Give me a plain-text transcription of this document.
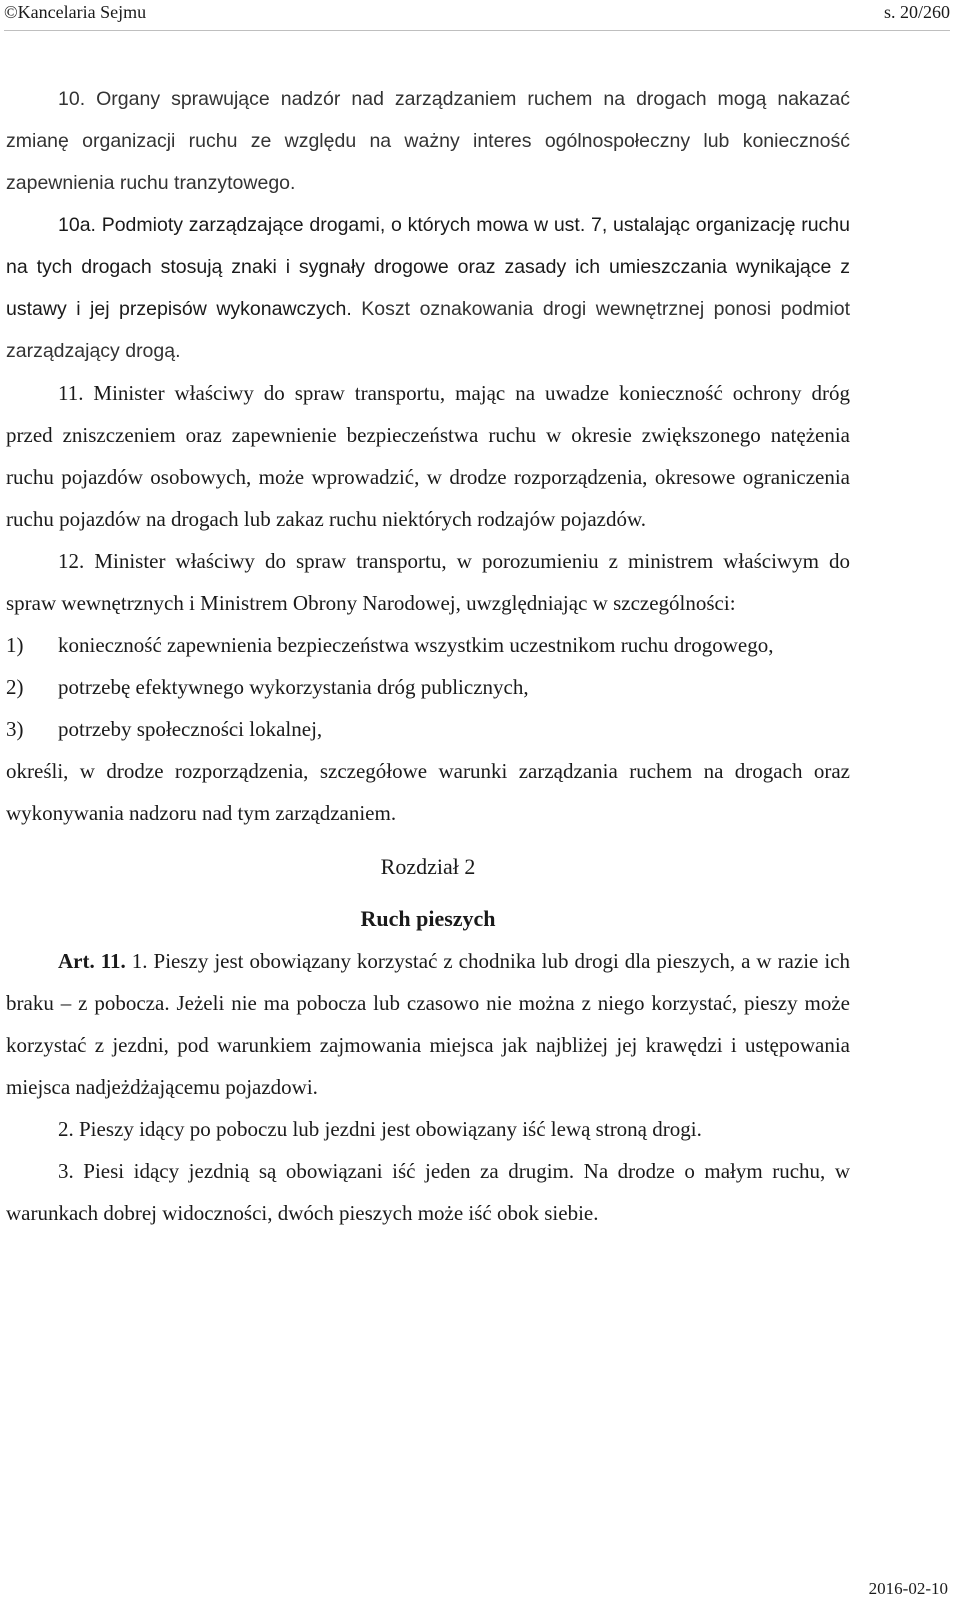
©Kancelaria Sejmu	s. 20/260

10. Organy sprawujące nadzór nad zarządzaniem ruchem na drogach mogą nakazać zmianę organizacji ruchu ze względu na ważny interes ogólnospołeczny lub konieczność zapewnienia ruchu tranzytowego.

10a. Podmioty zarządzające drogami, o których mowa w ust. 7, ustalając organizację ruchu na tych drogach stosują znaki i sygnały drogowe oraz zasady ich umieszczania wynikające z ustawy i jej przepisów wykonawczych. Koszt oznakowania drogi wewnętrznej ponosi podmiot zarządzający drogą.

11. Minister właściwy do spraw transportu, mając na uwadze konieczność ochrony dróg przed zniszczeniem oraz zapewnienie bezpieczeństwa ruchu w okresie zwiększonego natężenia ruchu pojazdów osobowych, może wprowadzić, w drodze rozporządzenia, okresowe ograniczenia ruchu pojazdów na drogach lub zakaz ruchu niektórych rodzajów pojazdów.

12. Minister właściwy do spraw transportu, w porozumieniu z ministrem właściwym do spraw wewnętrznych i Ministrem Obrony Narodowej, uwzględniając w szczególności:

1)	konieczność zapewnienia bezpieczeństwa wszystkim uczestnikom ruchu drogowego,
2)	potrzebę efektywnego wykorzystania dróg publicznych,
3)	potrzeby społeczności lokalnej,

określi, w drodze rozporządzenia, szczegółowe warunki zarządzania ruchem na drogach oraz wykonywania nadzoru nad tym zarządzaniem.

Rozdział 2
Ruch pieszych

Art. 11. 1. Pieszy jest obowiązany korzystać z chodnika lub drogi dla pieszych, a w razie ich braku – z pobocza. Jeżeli nie ma pobocza lub czasowo nie można z niego korzystać, pieszy może korzystać z jezdni, pod warunkiem zajmowania miejsca jak najbliżej jej krawędzi i ustępowania miejsca nadjeżdżającemu pojazdowi.

2. Pieszy idący po poboczu lub jezdni jest obowiązany iść lewą stroną drogi.

3. Piesi idący jezdnią są obowiązani iść jeden za drugim. Na drodze o małym ruchu, w warunkach dobrej widoczności, dwóch pieszych może iść obok siebie.

2016-02-10
